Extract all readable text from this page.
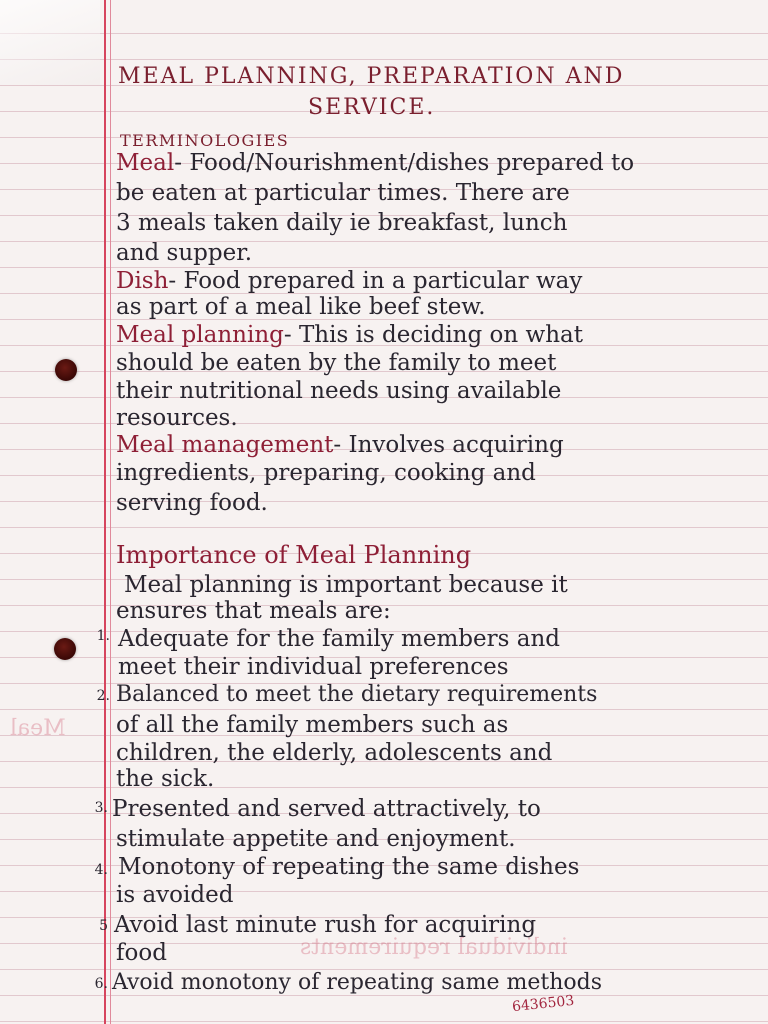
Meal
individual requirements
MEAL PLANNING, PREPARATION AND
SERVICE.
TERMINOLOGIES
Meal- Food/Nourishment/dishes prepared to
be eaten at particular times. There are
3 meals taken daily ie breakfast, lunch
and supper.
Dish- Food prepared in a particular way
as part of a meal like beef stew.
Meal planning- This is deciding on what
should be eaten by the family to meet
their nutritional needs using available
resources.
Meal management- Involves acquiring
ingredients, preparing, cooking and
serving food.
Importance of Meal Planning
Meal planning is important because it
ensures that meals are:
1. Adequate for the family members and
meet their individual preferences
2. Balanced to meet the dietary requirements
of all the family members such as
children, the elderly, adolescents and
the sick.
3. Presented and served attractively, to
stimulate appetite and enjoyment.
4. Monotony of repeating the same dishes
is avoided
5 Avoid last minute rush for acquiring
food
6. Avoid monotony of repeating same methods
6436503
